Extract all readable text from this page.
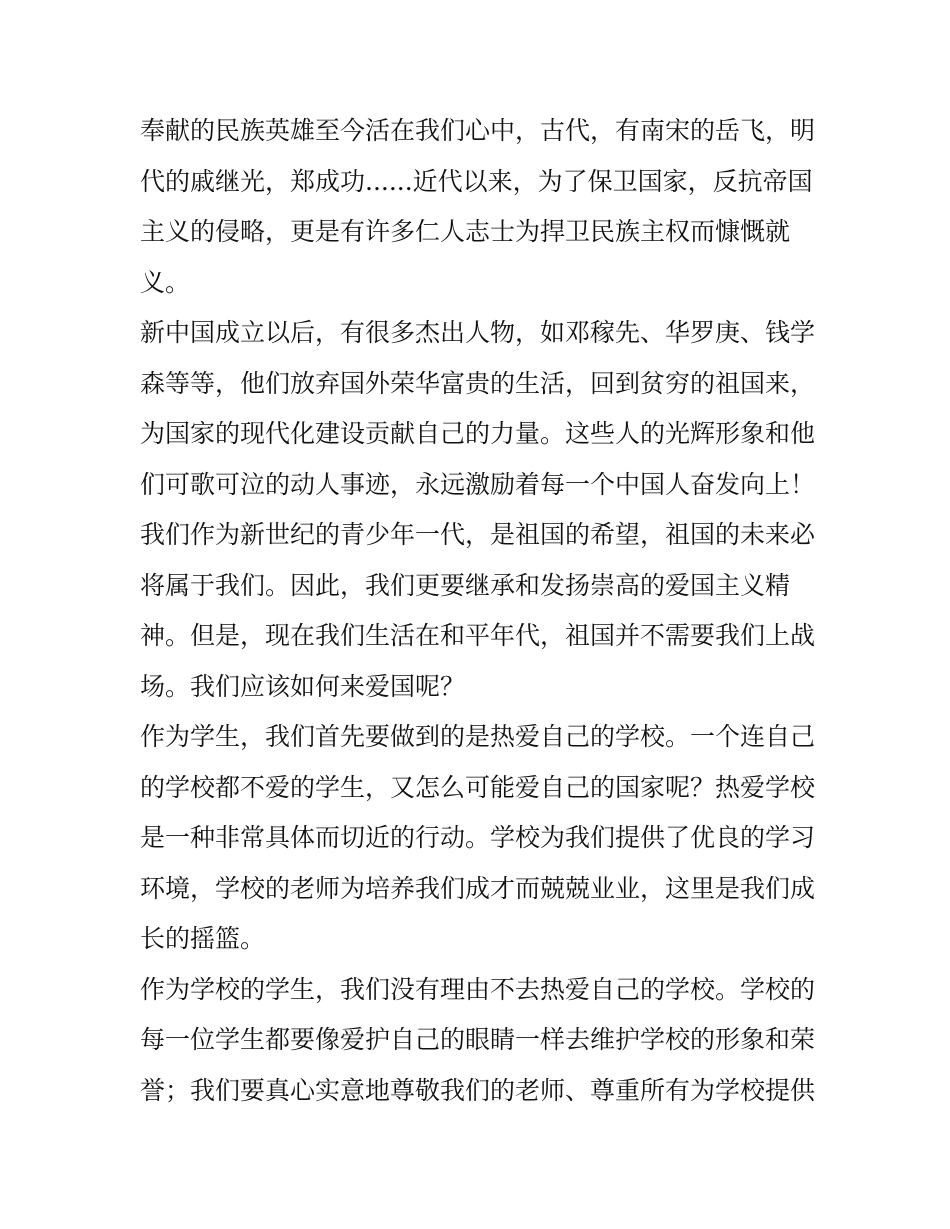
奉献的民族英雄至今活在我们心中，古代，有南宋的岳飞，明
代的戚继光，郑成功......近代以来，为了保卫国家，反抗帝国
主义的侵略，更是有许多仁人志士为捍卫民族主权而慷慨就
义。
新中国成立以后，有很多杰出人物，如邓稼先、华罗庚、钱学
森等等，他们放弃国外荣华富贵的生活，回到贫穷的祖国来，
为国家的现代化建设贡献自己的力量。这些人的光辉形象和他
们可歌可泣的动人事迹，永远激励着每一个中国人奋发向上！
我们作为新世纪的青少年一代，是祖国的希望，祖国的未来必
将属于我们。因此，我们更要继承和发扬崇高的爱国主义精
神。但是，现在我们生活在和平年代，祖国并不需要我们上战
场。我们应该如何来爱国呢？
作为学生，我们首先要做到的是热爱自己的学校。一个连自己
的学校都不爱的学生，又怎么可能爱自己的国家呢？热爱学校
是一种非常具体而切近的行动。学校为我们提供了优良的学习
环境，学校的老师为培养我们成才而兢兢业业，这里是我们成
长的摇篮。
作为学校的学生，我们没有理由不去热爱自己的学校。学校的
每一位学生都要像爱护自己的眼睛一样去维护学校的形象和荣
誉；我们要真心实意地尊敬我们的老师、尊重所有为学校提供
